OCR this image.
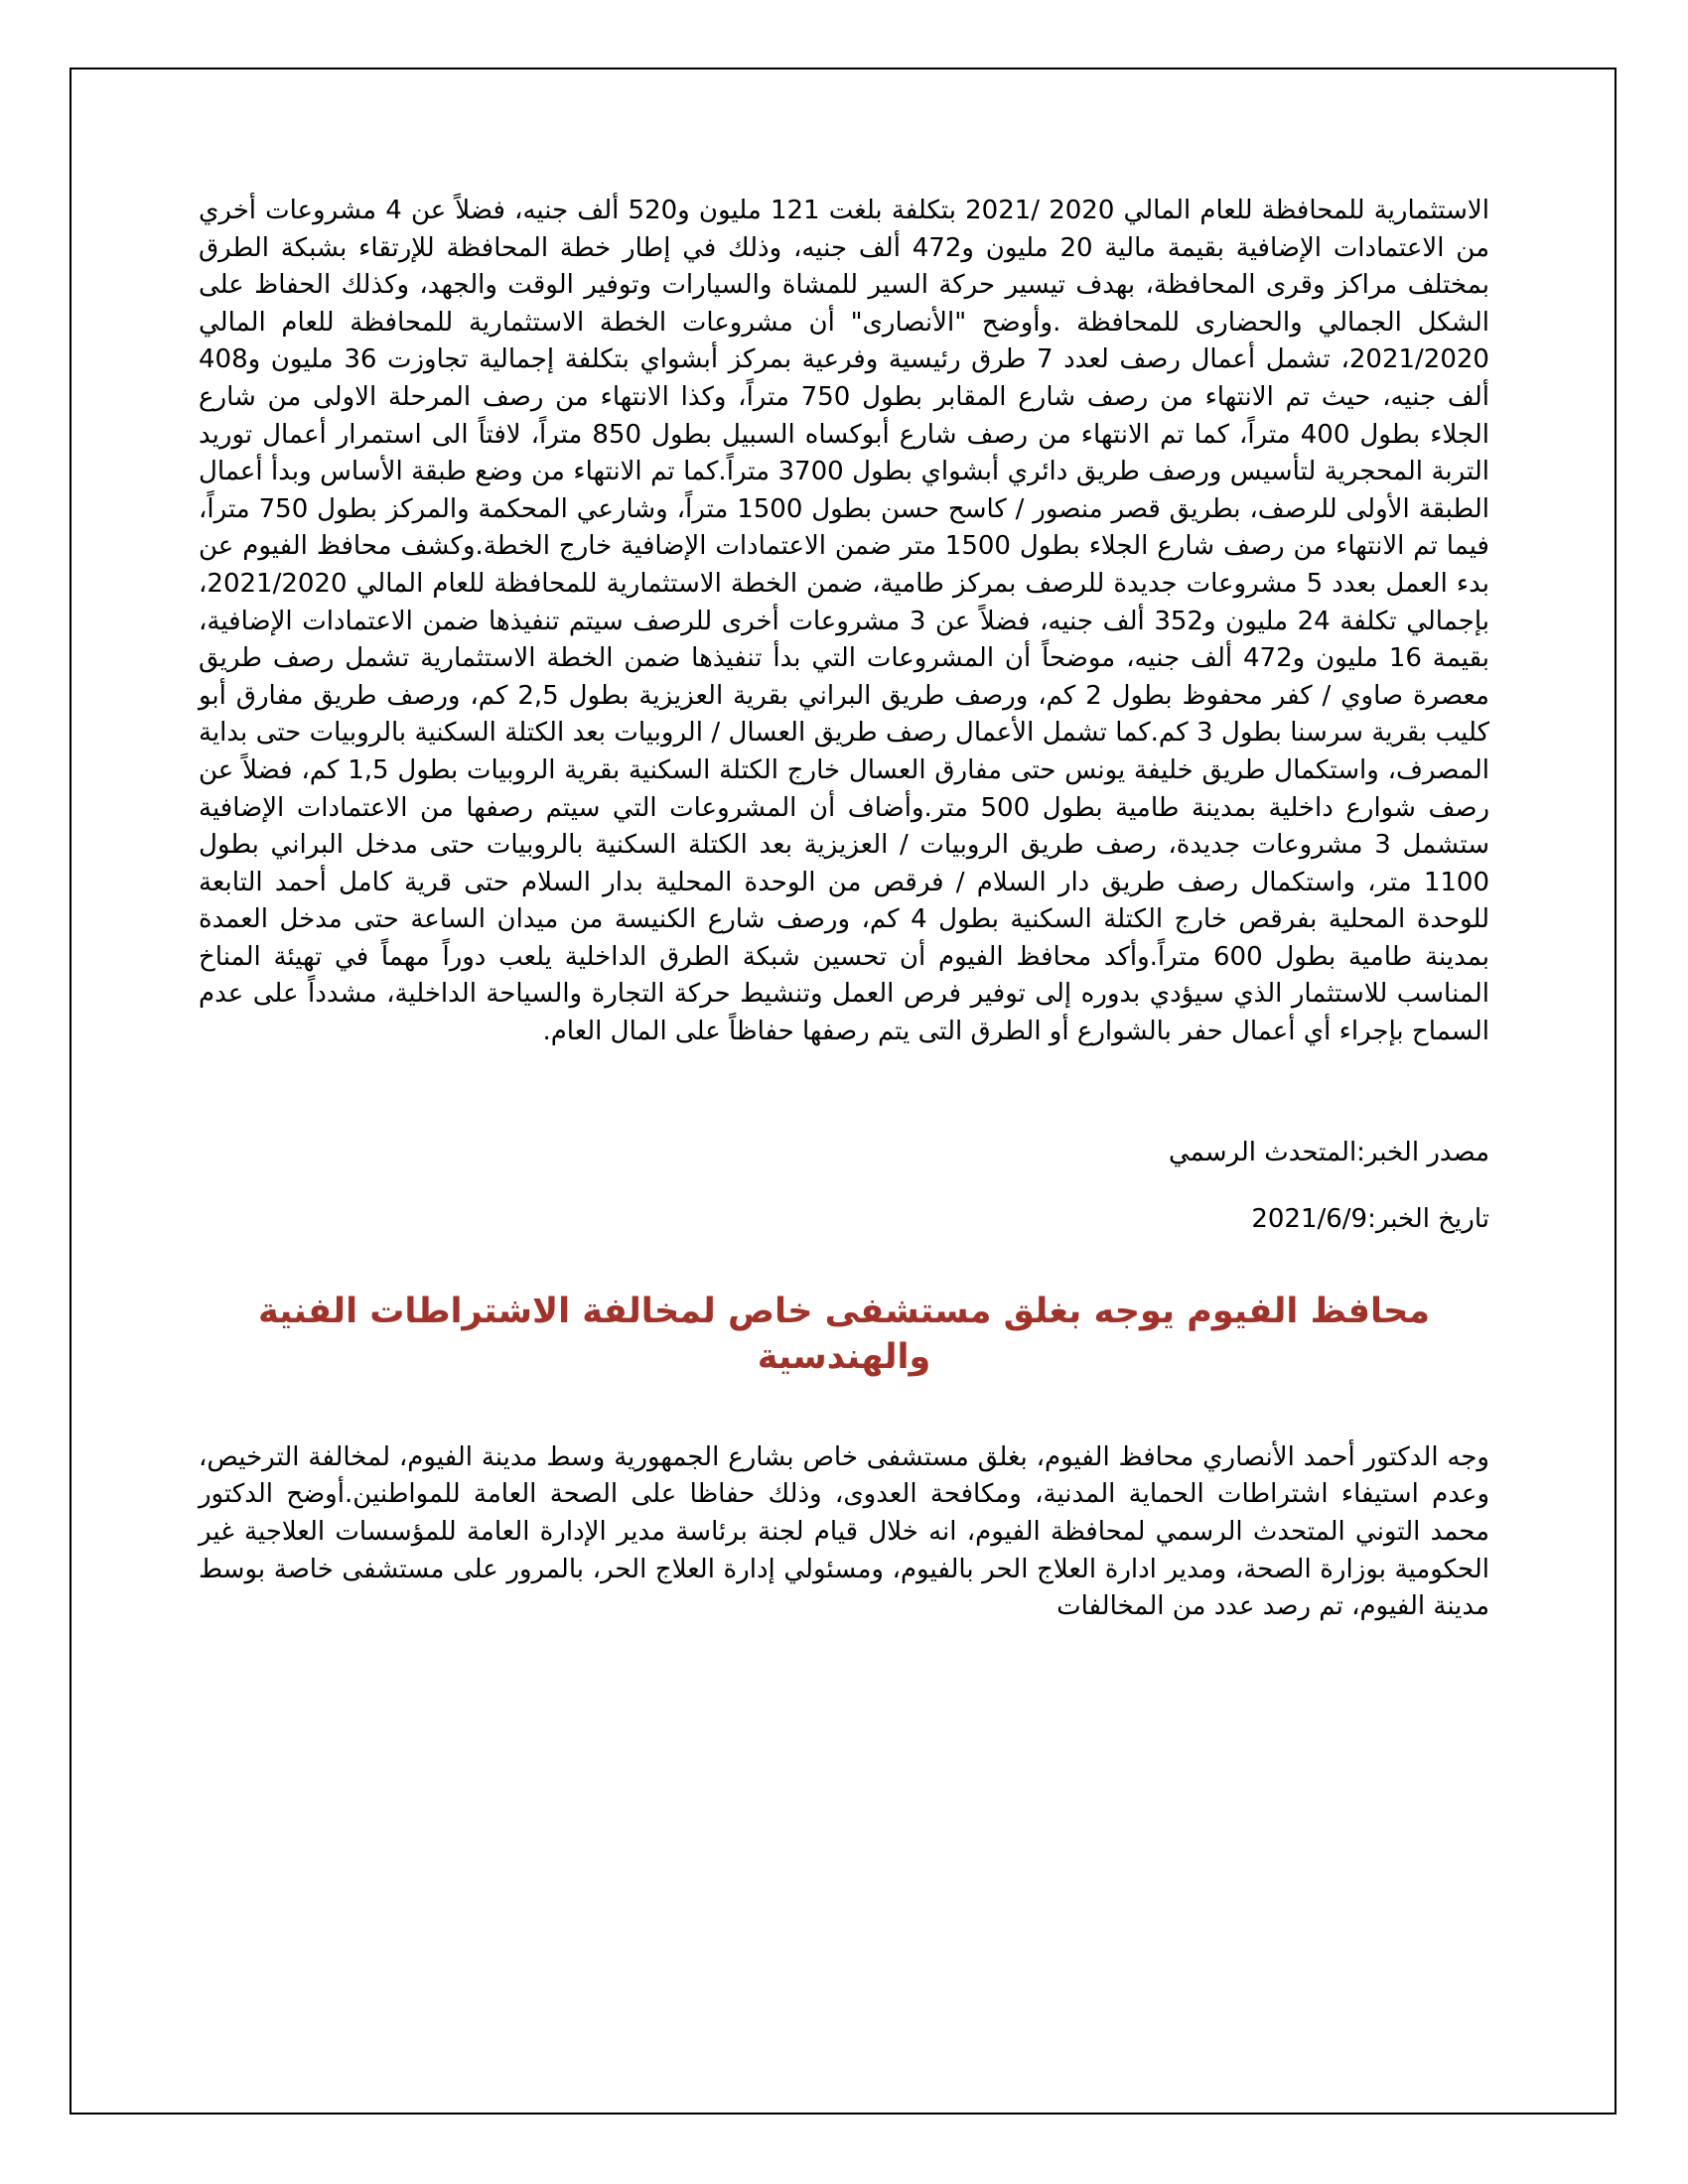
الاستثمارية للمحافظة للعام المالي 2020 /2021 بتكلفة بلغت 121 مليون و520 ألف جنيه، فضلاً عن 4 مشروعات أخري من الاعتمادات الإضافية بقيمة مالية 20 مليون و472 ألف جنيه، وذلك في إطار خطة المحافظة للإرتقاء بشبكة الطرق بمختلف مراكز وقرى المحافظة، بهدف تيسير حركة السير للمشاة والسيارات وتوفير الوقت والجهد، وكذلك الحفاظ على الشكل الجمالي والحضارى للمحافظة .وأوضح "الأنصارى" أن مشروعات الخطة الاستثمارية للمحافظة للعام المالي 2021/2020، تشمل أعمال رصف لعدد 7 طرق رئيسية وفرعية بمركز أبشواي بتكلفة إجمالية تجاوزت 36 مليون و408 ألف جنيه، حيث تم الانتهاء من رصف شارع المقابر بطول 750 متراً، وكذا الانتهاء من رصف المرحلة الاولى من شارع الجلاء بطول 400 متراً، كما تم الانتهاء من رصف شارع أبوكساه السبيل بطول 850 متراً، لافتاً الى استمرار أعمال توريد التربة المحجرية لتأسيس ورصف طريق دائري أبشواي بطول 3700 متراً.كما تم الانتهاء من وضع طبقة الأساس وبدأ أعمال الطبقة الأولى للرصف، بطريق قصر منصور / كاسح حسن بطول 1500 متراً، وشارعي المحكمة والمركز بطول 750 متراً، فيما تم الانتهاء من رصف شارع الجلاء بطول 1500 متر ضمن الاعتمادات الإضافية خارج الخطة.وكشف محافظ الفيوم عن بدء العمل بعدد 5 مشروعات جديدة للرصف بمركز طامية، ضمن الخطة الاستثمارية للمحافظة للعام المالي 2021/2020، بإجمالي تكلفة 24 مليون و352 ألف جنيه، فضلاً عن 3 مشروعات أخرى للرصف سيتم تنفيذها ضمن الاعتمادات الإضافية، بقيمة 16 مليون و472 ألف جنيه، موضحاً أن المشروعات التي بدأ تنفيذها ضمن الخطة الاستثمارية تشمل رصف طريق معصرة صاوي / كفر محفوظ بطول 2 كم، ورصف طريق البراني بقرية العزيزية بطول 2,5 كم، ورصف طريق مفارق أبو كليب بقرية سرسنا بطول 3 كم.كما تشمل الأعمال رصف طريق العسال / الروبيات بعد الكتلة السكنية بالروبيات حتى بداية المصرف، واستكمال طريق خليفة يونس حتى مفارق العسال خارج الكتلة السكنية بقرية الروبيات بطول 1,5 كم، فضلاً عن رصف شوارع داخلية بمدينة طامية بطول 500 متر.وأضاف أن المشروعات التي سيتم رصفها من الاعتمادات الإضافية ستشمل 3 مشروعات جديدة، رصف طريق الروبيات / العزيزية بعد الكتلة السكنية بالروبيات حتى مدخل البراني بطول 1100 متر، واستكمال رصف طريق دار السلام / فرقص من الوحدة المحلية بدار السلام حتى قرية كامل أحمد التابعة للوحدة المحلية بفرقص خارج الكتلة السكنية بطول 4 كم، ورصف شارع الكنيسة من ميدان الساعة حتى مدخل العمدة بمدينة طامية بطول 600 متراً.وأكد محافظ الفيوم أن تحسين شبكة الطرق الداخلية يلعب دوراً مهماً في تهيئة المناخ المناسب للاستثمار الذي سيؤدي بدوره إلى توفير فرص العمل وتنشيط حركة التجارة والسياحة الداخلية، مشدداً على عدم السماح بإجراء أي أعمال حفر بالشوارع أو الطرق التى يتم رصفها حفاظاً على المال العام.

مصدر الخبر:المتحدث الرسمي

تاريخ الخبر:2021/6/9

محافظ الفيوم يوجه بغلق مستشفى خاص لمخالفة الاشتراطات الفنية والهندسية

وجه الدكتور أحمد الأنصاري محافظ الفيوم، بغلق مستشفى خاص بشارع الجمهورية وسط مدينة الفيوم، لمخالفة الترخيص، وعدم استيفاء اشتراطات الحماية المدنية، ومكافحة العدوى، وذلك حفاظا على الصحة العامة للمواطنين.أوضح الدكتور محمد التوني المتحدث الرسمي لمحافظة الفيوم، انه خلال قيام لجنة برئاسة مدير الإدارة العامة للمؤسسات العلاجية غير الحكومية بوزارة الصحة، ومدير ادارة العلاج الحر بالفيوم، ومسئولي إدارة العلاج الحر، بالمرور على مستشفى خاصة بوسط مدينة الفيوم، تم رصد عدد من المخالفات
